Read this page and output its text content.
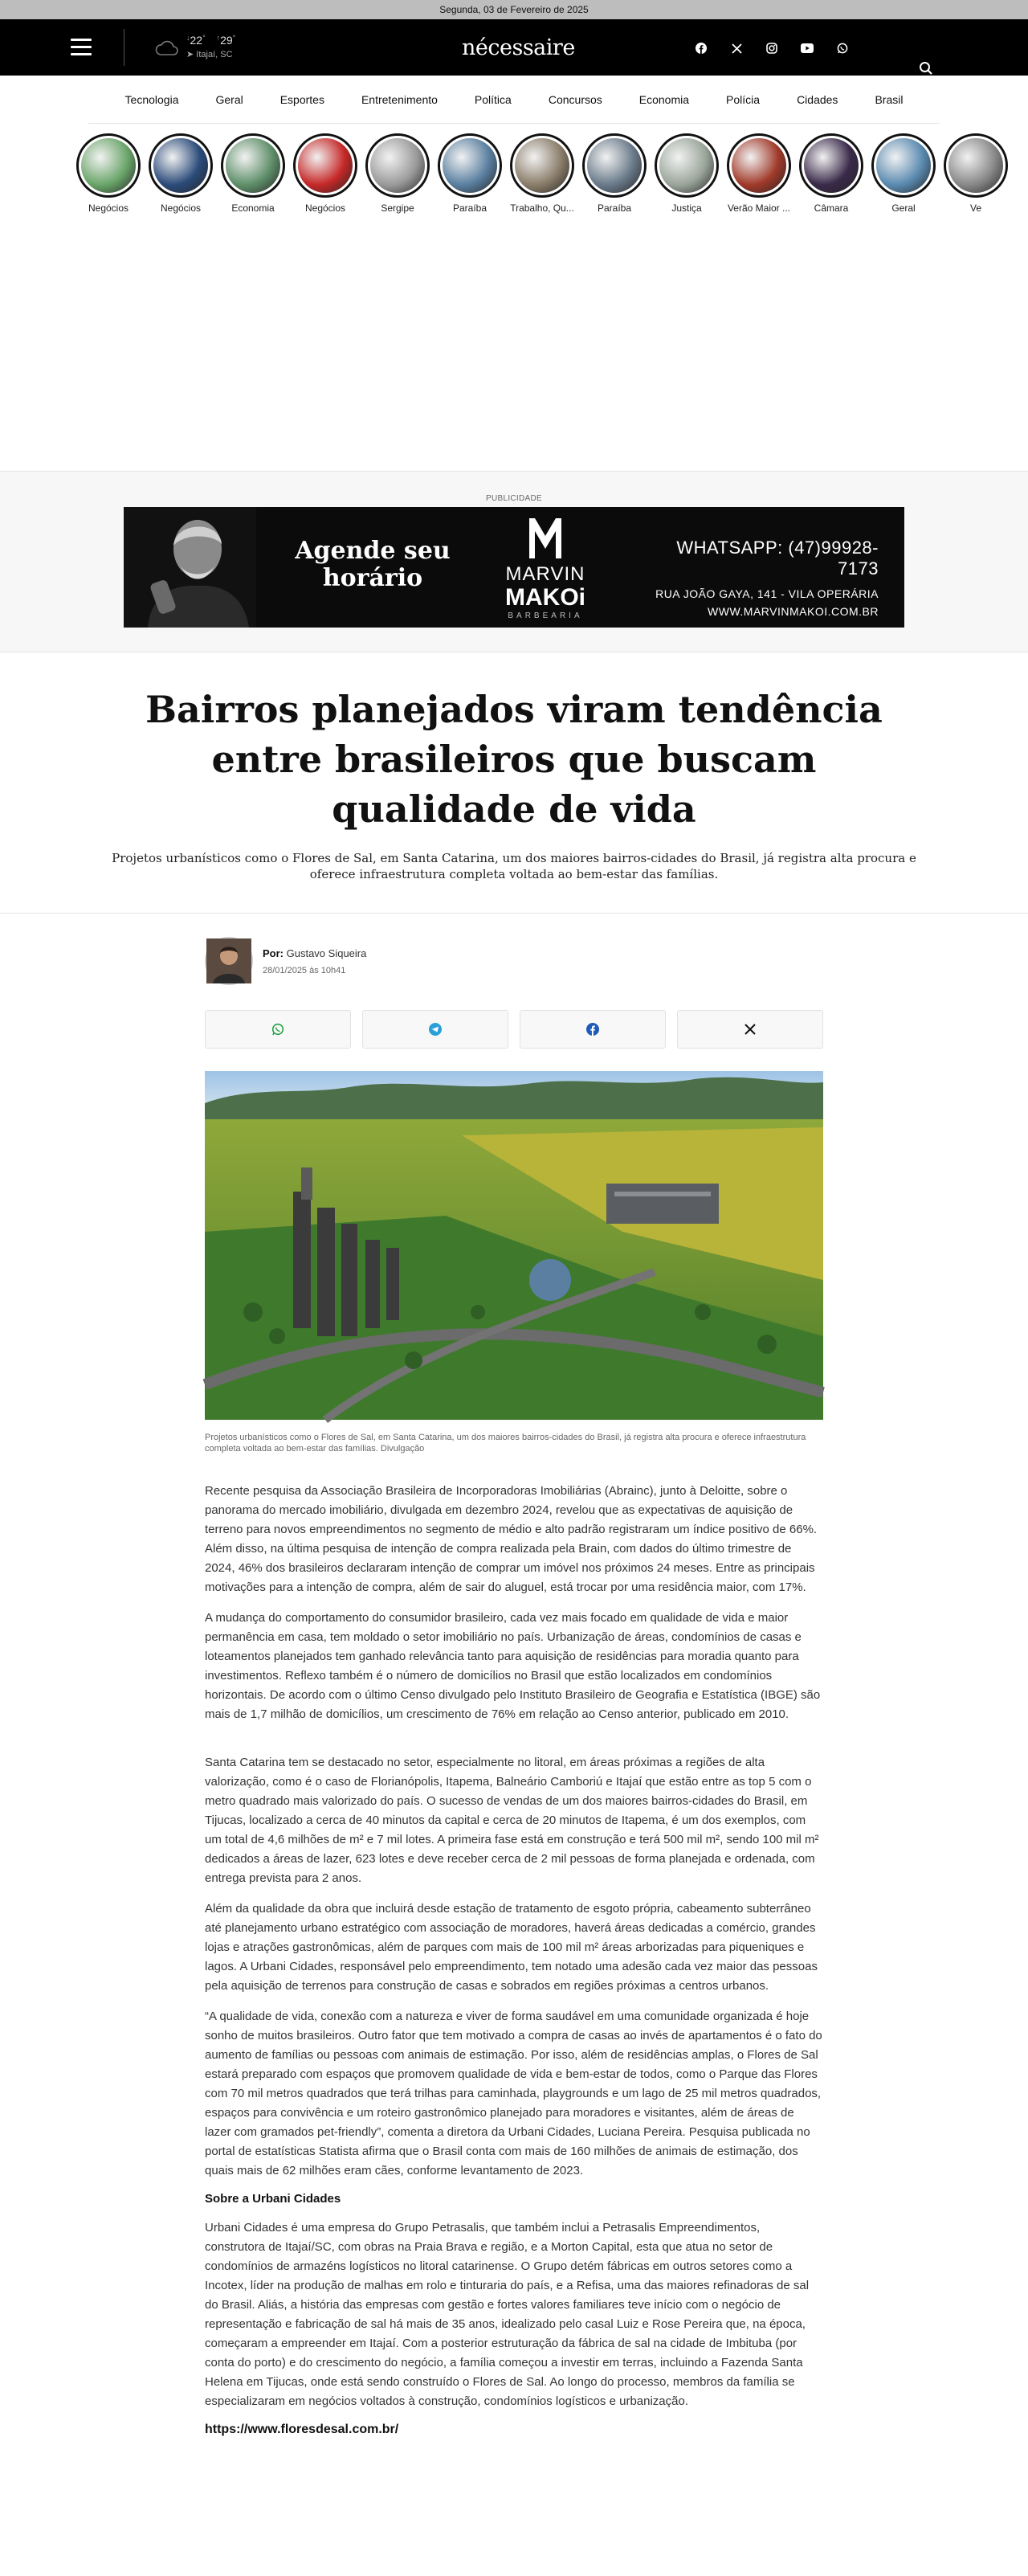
Segunda, 03 de Fevereiro de 2025
↓22° ↑29°
➤ Itajaí, SC	nécessaire
Tecnologia	Geral	Esportes	Entretenimento	Política	Concursos	Economia	Polícia	Cidades	Brasil
Negócios	Negócios	Economia	Negócios	Sergipe	Paraíba	Trabalho, Qu...	Paraíba	Justiça	Verão Maior ...	Câmara	Geral	Ve
PUBLICIDADE
Agende seu horário	MARVIN
MAKOi
BARBEARIA
WHATSAPP: (47)99928-7173
RUA JOÃO GAYA, 141 - VILA OPERÁRIA
WWW.MARVINMAKOI.COM.BR
Bairros planejados viram tendência entre brasileiros que buscam qualidade de vida

Projetos urbanísticos como o Flores de Sal, em Santa Catarina, um dos maiores bairros-cidades do Brasil, já registra alta procura e oferece infraestrutura completa voltada ao bem-estar das famílias.

Por: Gustavo Siqueira
28/01/2025 às 10h41
Projetos urbanísticos como o Flores de Sal, em Santa Catarina, um dos maiores bairros-cidades do Brasil, já registra alta procura e oferece infraestrutura completa voltada ao bem-estar das famílias. Divulgação

Recente pesquisa da Associação Brasileira de Incorporadoras Imobiliárias (Abrainc), junto à Deloitte, sobre o panorama do mercado imobiliário, divulgada em dezembro 2024, revelou que as expectativas de aquisição de terreno para novos empreendimentos no segmento de médio e alto padrão registraram um índice positivo de 66%. Além disso, na última pesquisa de intenção de compra realizada pela Brain, com dados do último trimestre de 2024, 46% dos brasileiros declararam intenção de comprar um imóvel nos próximos 24 meses. Entre as principais motivações para a intenção de compra, além de sair do aluguel, está trocar por uma residência maior, com 17%.

A mudança do comportamento do consumidor brasileiro, cada vez mais focado em qualidade de vida e maior permanência em casa, tem moldado o setor imobiliário no país. Urbanização de áreas, condomínios de casas e loteamentos planejados tem ganhado relevância tanto para aquisição de residências para moradia quanto para investimentos. Reflexo também é o número de domicílios no Brasil que estão localizados em condomínios horizontais. De acordo com o último Censo divulgado pelo Instituto Brasileiro de Geografia e Estatística (IBGE) são mais de 1,7 milhão de domicílios, um crescimento de 76% em relação ao Censo anterior, publicado em 2010.

Santa Catarina tem se destacado no setor, especialmente no litoral, em áreas próximas a regiões de alta valorização, como é o caso de Florianópolis, Itapema, Balneário Camboriú e Itajaí que estão entre as top 5 com o metro quadrado mais valorizado do país. O sucesso de vendas de um dos maiores bairros-cidades do Brasil, em Tijucas, localizado a cerca de 40 minutos da capital e cerca de 20 minutos de Itapema, é um dos exemplos, com um total de 4,6 milhões de m² e 7 mil lotes. A primeira fase está em construção e terá 500 mil m², sendo 100 mil m² dedicados a áreas de lazer, 623 lotes e deve receber cerca de 2 mil pessoas de forma planejada e ordenada, com entrega prevista para 2 anos.

Além da qualidade da obra que incluirá desde estação de tratamento de esgoto própria, cabeamento subterrâneo até planejamento urbano estratégico com associação de moradores, haverá áreas dedicadas a comércio, grandes lojas e atrações gastronômicas, além de parques com mais de 100 mil m² áreas arborizadas para piqueniques e lagos. A Urbani Cidades, responsável pelo empreendimento, tem notado uma adesão cada vez maior das pessoas pela aquisição de terrenos para construção de casas e sobrados em regiões próximas a centros urbanos.

“A qualidade de vida, conexão com a natureza e viver de forma saudável em uma comunidade organizada é hoje sonho de muitos brasileiros. Outro fator que tem motivado a compra de casas ao invés de apartamentos é o fato do aumento de famílias ou pessoas com animais de estimação. Por isso, além de residências amplas, o Flores de Sal estará preparado com espaços que promovem qualidade de vida e bem-estar de todos, como o Parque das Flores com 70 mil metros quadrados que terá trilhas para caminhada, playgrounds e um lago de 25 mil metros quadrados, espaços para convivência e um roteiro gastronômico planejado para moradores e visitantes, além de áreas de lazer com gramados pet-friendly”, comenta a diretora da Urbani Cidades, Luciana Pereira. Pesquisa publicada no portal de estatísticas Statista afirma que o Brasil conta com mais de 160 milhões de animais de estimação, dos quais mais de 62 milhões eram cães, conforme levantamento de 2023.

Sobre a Urbani Cidades

Urbani Cidades é uma empresa do Grupo Petrasalis, que também inclui a Petrasalis Empreendimentos, construtora de Itajaí/SC, com obras na Praia Brava e região, e a Morton Capital, esta que atua no setor de condomínios de armazéns logísticos no litoral catarinense. O Grupo detém fábricas em outros setores como a Incotex, líder na produção de malhas em rolo e tinturaria do país, e a Refisa, uma das maiores refinadoras de sal do Brasil. Aliás, a história das empresas com gestão e fortes valores familiares teve início com o negócio de representação e fabricação de sal há mais de 35 anos, idealizado pelo casal Luiz e Rose Pereira que, na época, começaram a empreender em Itajaí. Com a posterior estruturação da fábrica de sal na cidade de Imbituba (por conta do porto) e do crescimento do negócio, a família começou a investir em terras, incluindo a Fazenda Santa Helena em Tijucas, onde está sendo construído o Flores de Sal. Ao longo do processo, membros da família se especializaram em negócios voltados à construção, condomínios logísticos e urbanização.

https://www.floresdesal.com.br/
